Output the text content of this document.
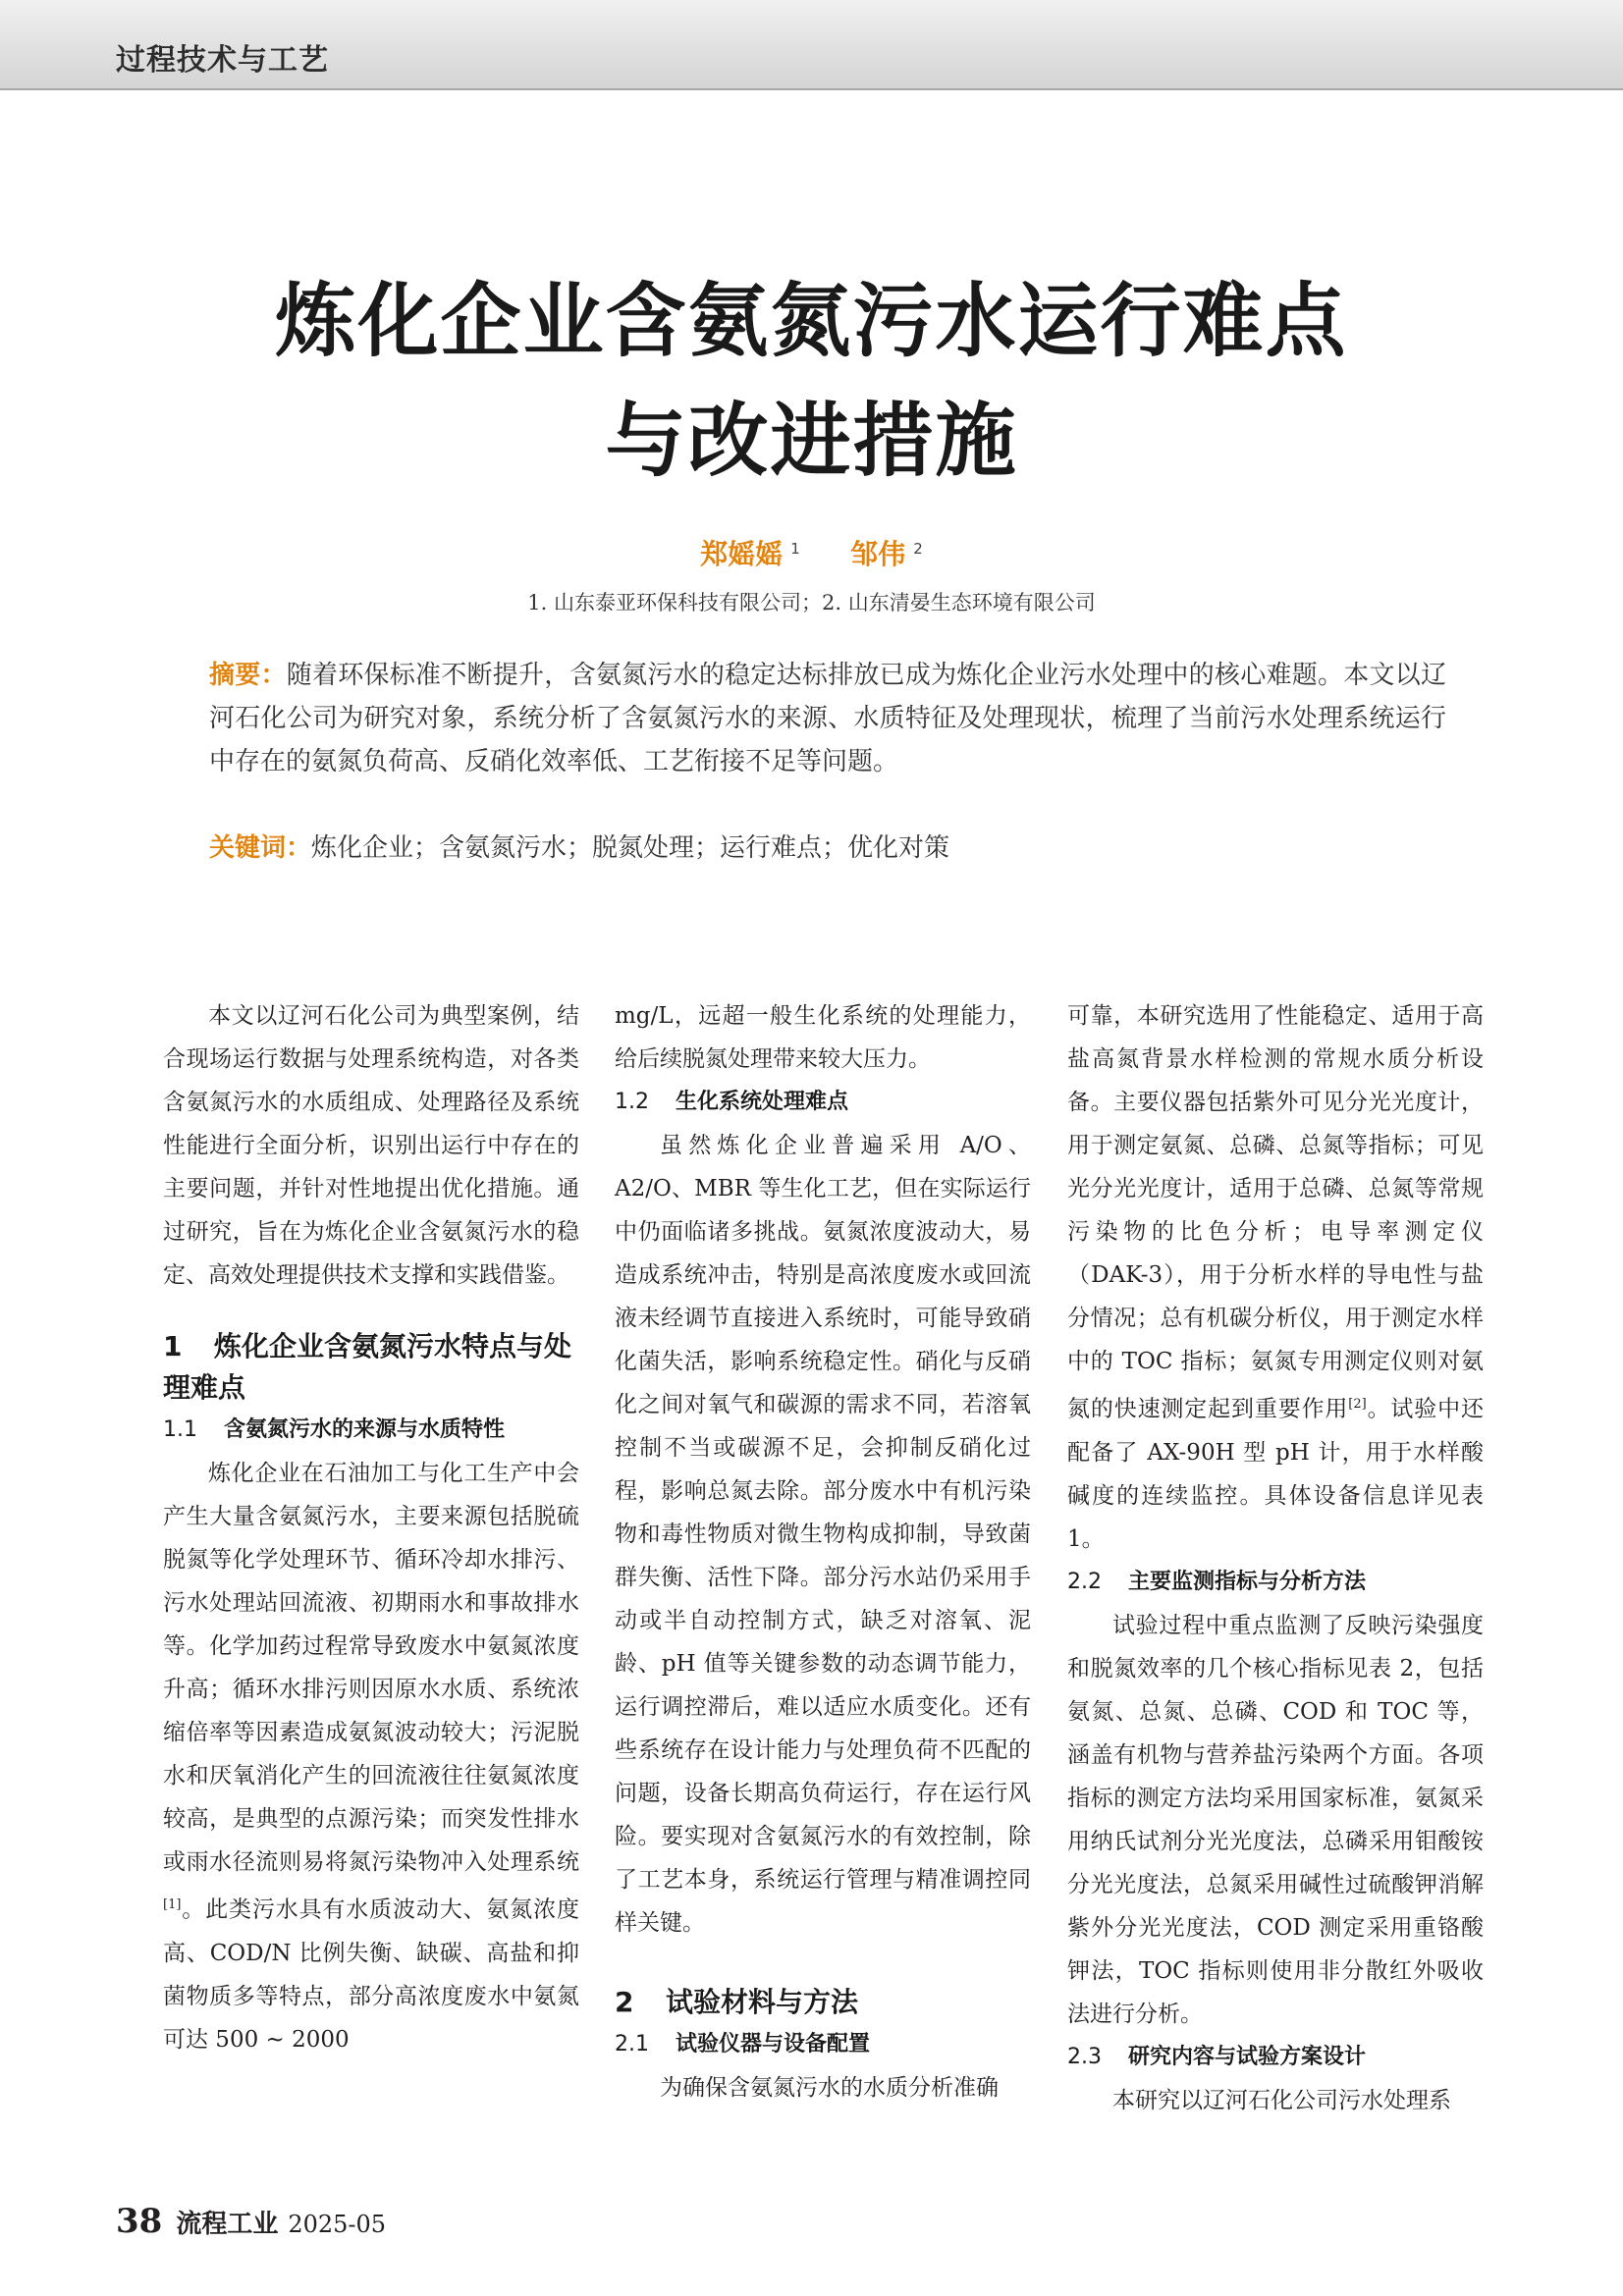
过程技术与工艺
炼化企业含氨氮污水运行难点
与改进措施
郑媱媱 $^1$ 邹伟 $^2$
1. 山东泰亚环保科技有限公司；2. 山东清晏生态环境有限公司
摘要：随着环保标准不断提升，含氨氮污水的稳定达标排放已成为炼化企业污水处理中的核心难题。本文以辽河石化公司为研究对象，系统分析了含氨氮污水的来源、水质特征及处理现状，梳理了当前污水处理系统运行中存在的氨氮负荷高、反硝化效率低、工艺衔接不足等问题。
关键词：炼化企业；含氨氮污水；脱氮处理；运行难点；优化对策

本文以辽河石化公司为典型案例，结合现场运行数据与处理系统构造，对各类含氨氮污水的水质组成、处理路径及系统性能进行全面分析，识别出运行中存在的主要问题，并针对性地提出优化措施。通过研究，旨在为炼化企业含氨氮污水的稳定、高效处理提供技术支撑和实践借鉴。

1 炼化企业含氨氮污水特点与处理难点
1.1 含氨氮污水的来源与水质特性

炼化企业在石油加工与化工生产中会产生大量含氨氮污水，主要来源包括脱硫脱氮等化学处理环节、循环冷却水排污、污水处理站回流液、初期雨水和事故排水等。化学加药过程常导致废水中氨氮浓度升高；循环水排污则因原水水质、系统浓缩倍率等因素造成氨氮波动较大；污泥脱水和厌氧消化产生的回流液往往氨氮浓度较高，是典型的点源污染；而突发性排水或雨水径流则易将氮污染物冲入处理系统[1]。此类污水具有水质波动大、氨氮浓度高、COD/N 比例失衡、缺碳、高盐和抑菌物质多等特点，部分高浓度废水中氨氮可达 500 ~ 2000

mg/L，远超一般生化系统的处理能力，给后续脱氮处理带来较大压力。

1.2 生化系统处理难点

虽然炼化企业普遍采用 A/O、A2/O、MBR 等生化工艺，但在实际运行中仍面临诸多挑战。氨氮浓度波动大，易造成系统冲击，特别是高浓度废水或回流液未经调节直接进入系统时，可能导致硝化菌失活，影响系统稳定性。硝化与反硝化之间对氧气和碳源的需求不同，若溶氧控制不当或碳源不足，会抑制反硝化过程，影响总氮去除。部分废水中有机污染物和毒性物质对微生物构成抑制，导致菌群失衡、活性下降。部分污水站仍采用手动或半自动控制方式，缺乏对溶氧、泥龄、pH 值等关键参数的动态调节能力，运行调控滞后，难以适应水质变化。还有些系统存在设计能力与处理负荷不匹配的问题，设备长期高负荷运行，存在运行风险。要实现对含氨氮污水的有效控制，除了工艺本身，系统运行管理与精准调控同样关键。

2 试验材料与方法
2.1 试验仪器与设备配置

为确保含氨氮污水的水质分析准确

可靠，本研究选用了性能稳定、适用于高盐高氮背景水样检测的常规水质分析设备。主要仪器包括紫外可见分光光度计，用于测定氨氮、总磷、总氮等指标；可见光分光光度计，适用于总磷、总氮等常规污染物的比色分析；电导率测定仪（DAK-3），用于分析水样的导电性与盐分情况；总有机碳分析仪，用于测定水样中的 TOC 指标；氨氮专用测定仪则对氨氮的快速测定起到重要作用[2]。试验中还配备了 AX-90H 型 pH 计，用于水样酸碱度的连续监控。具体设备信息详见表 1。

2.2 主要监测指标与分析方法

试验过程中重点监测了反映污染强度和脱氮效率的几个核心指标见表 2，包括氨氮、总氮、总磷、COD 和 TOC 等，涵盖有机物与营养盐污染两个方面。各项指标的测定方法均采用国家标准，氨氮采用纳氏试剂分光光度法，总磷采用钼酸铵分光光度法，总氮采用碱性过硫酸钾消解紫外分光光度法，COD 测定采用重铬酸钾法，TOC 指标则使用非分散红外吸收法进行分析。

2.3 研究内容与试验方案设计

本研究以辽河石化公司污水处理系

38 流程工业 2025-05
